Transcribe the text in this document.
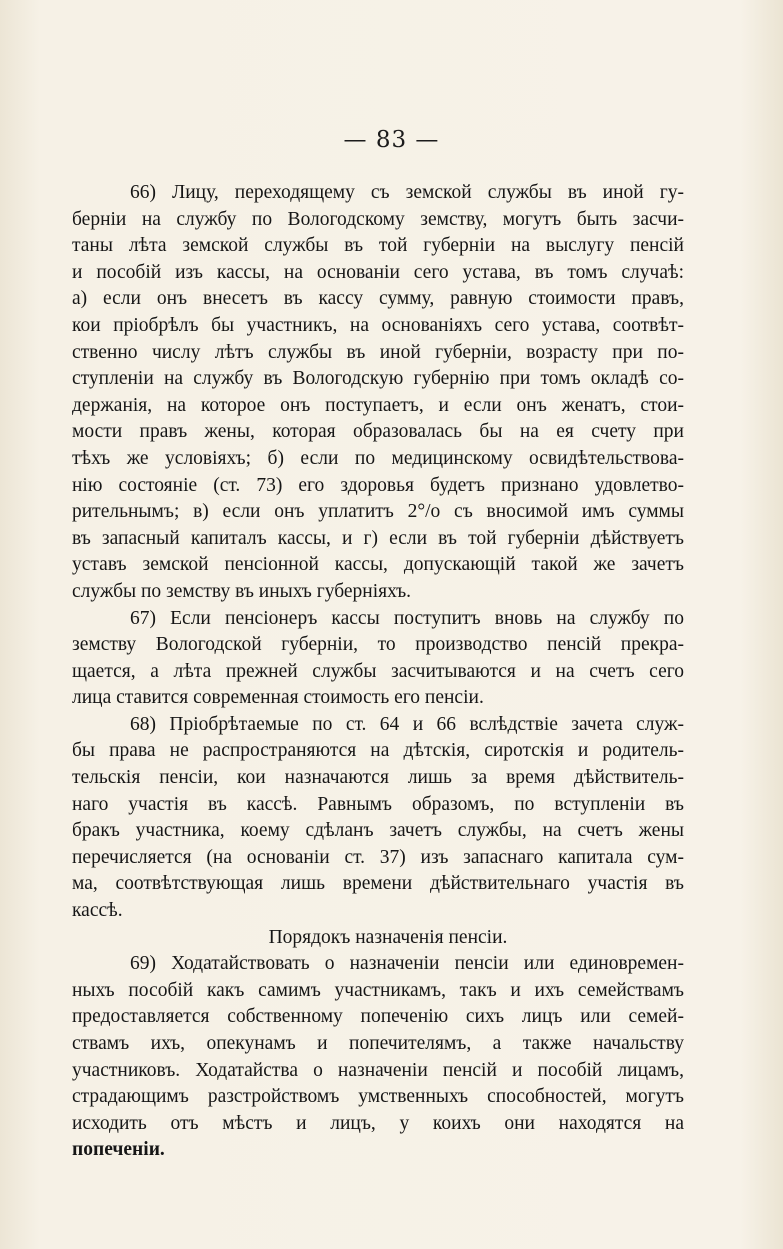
— 83 —
66) Лицу, переходящему съ земской службы въ иной гу-
берніи на службу по Вологодскому земству, могутъ быть засчи-
таны лѣта земской службы въ той губерніи на выслугу пенсій
и пособій изъ кассы, на основаніи сего устава, въ томъ случаѣ:
а) если онъ внесетъ въ кассу сумму, равную стоимости правъ,
кои пріобрѣлъ бы участникъ, на основаніяхъ сего устава, соотвѣт-
ственно числу лѣтъ службы въ иной губерніи, возрасту при по-
ступленіи на службу въ Вологодскую губернію при томъ окладѣ со-
держанія, на которое онъ поступаетъ, и если онъ женатъ, стои-
мости правъ жены, которая образовалась бы на ея счету при
тѣхъ же условіяхъ; б) если по медицинскому освидѣтельствова-
нію состояніе (ст. 73) его здоровья будетъ признано удовлетво-
рительнымъ; в) если онъ уплатитъ 2°/о съ вносимой имъ суммы
въ запасный капиталъ кассы, и г) если въ той губерніи дѣйствуетъ
уставъ земской пенсіонной кассы, допускающій такой же зачетъ
службы по земству въ иныхъ губерніяхъ.
67) Если пенсіонеръ кассы поступитъ вновь на службу по
земству Вологодской губерніи, то производство пенсій прекра-
щается, а лѣта прежней службы засчитываются и на счетъ сего
лица ставится современная стоимость его пенсіи.
68) Пріобрѣтаемые по ст. 64 и 66 вслѣдствіе зачета служ-
бы права не распространяются на дѣтскія, сиротскія и родитель-
тельскія пенсіи, кои назначаются лишь за время дѣйствитель-
наго участія въ кассѣ. Равнымъ образомъ, по вступленіи въ
бракъ участника, коему сдѣланъ зачетъ службы, на счетъ жены
перечисляется (на основаніи ст. 37) изъ запаснаго капитала сум-
ма, соотвѣтствующая лишь времени дѣйствительнаго участія въ
кассѣ.
Порядокъ назначенія пенсіи.
69) Ходатайствовать о назначеніи пенсіи или единовремен-
ныхъ пособій какъ самимъ участникамъ, такъ и ихъ семействамъ
предоставляется собственному попеченію сихъ лицъ или семей-
ствамъ ихъ, опекунамъ и попечителямъ, а также начальству
участниковъ. Ходатайства о назначеніи пенсій и пособій лицамъ,
страдающимъ разстройствомъ умственныхъ способностей, могутъ
исходить отъ мѣстъ и лицъ, у коихъ они находятся на
попеченіи.
